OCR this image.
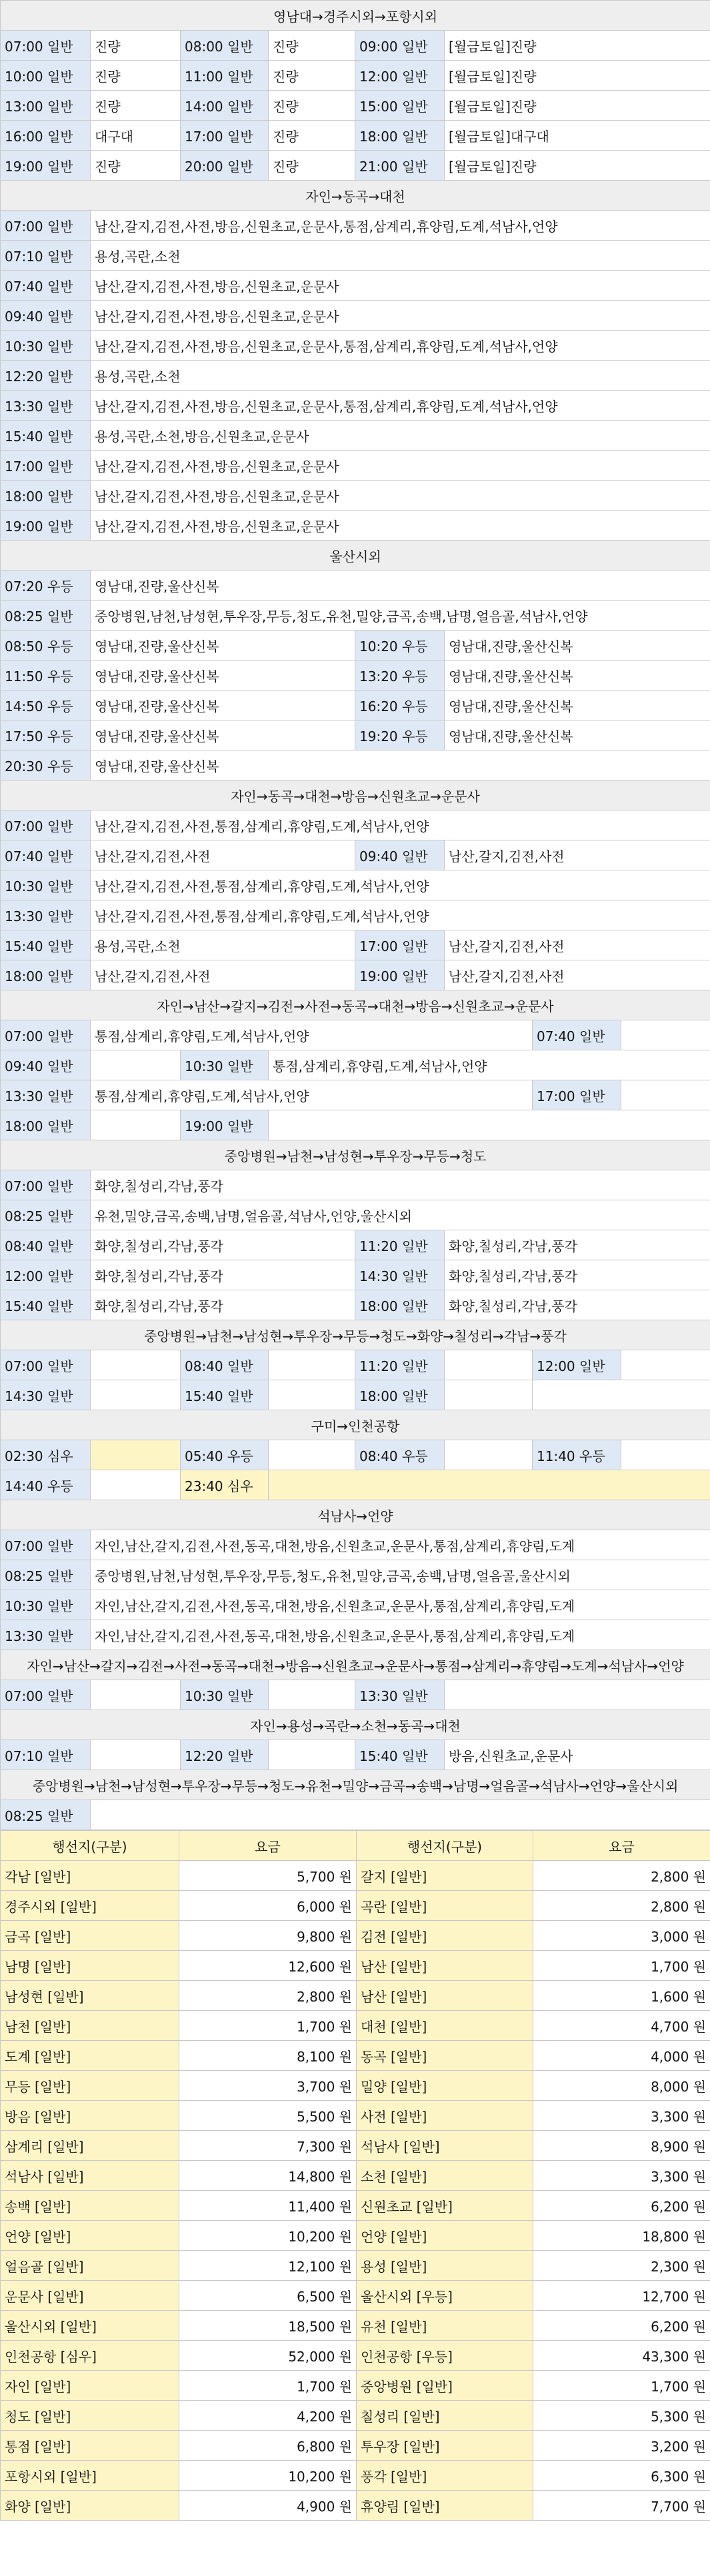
영남대→경주시외→포항시외							
07:00 일반	진량	08:00 일반	진량	09:00 일반	[월금토일]진량		
10:00 일반	진량	11:00 일반	진량	12:00 일반	[월금토일]진량		
13:00 일반	진량	14:00 일반	진량	15:00 일반	[월금토일]진량		
16:00 일반	대구대	17:00 일반	진량	18:00 일반	[월금토일]대구대		
19:00 일반	진량	20:00 일반	진량	21:00 일반	[월금토일]진량		
자인→동곡→대천							
07:00 일반	남산,갈지,김전,사전,방음,신원초교,운문사,통점,삼계리,휴양림,도계,석남사,언양						
07:10 일반	용성,곡란,소천						
07:40 일반	남산,갈지,김전,사전,방음,신원초교,운문사						
09:40 일반	남산,갈지,김전,사전,방음,신원초교,운문사						
10:30 일반	남산,갈지,김전,사전,방음,신원초교,운문사,통점,삼계리,휴양림,도계,석남사,언양						
12:20 일반	용성,곡란,소천						
13:30 일반	남산,갈지,김전,사전,방음,신원초교,운문사,통점,삼계리,휴양림,도계,석남사,언양						
15:40 일반	용성,곡란,소천,방음,신원초교,운문사						
17:00 일반	남산,갈지,김전,사전,방음,신원초교,운문사						
18:00 일반	남산,갈지,김전,사전,방음,신원초교,운문사						
19:00 일반	남산,갈지,김전,사전,방음,신원초교,운문사						
울산시외							
07:20 우등	영남대,진량,울산신복						
08:25 일반	중앙병원,남천,남성현,투우장,무등,청도,유천,밀양,금곡,송백,남명,얼음골,석남사,언양						
08:50 우등	영남대,진량,울산신복			10:20 우등	영남대,진량,울산신복		
11:50 우등	영남대,진량,울산신복			13:20 우등	영남대,진량,울산신복		
14:50 우등	영남대,진량,울산신복			16:20 우등	영남대,진량,울산신복		
17:50 우등	영남대,진량,울산신복			19:20 우등	영남대,진량,울산신복		
20:30 우등	영남대,진량,울산신복						
자인→동곡→대천→방음→신원초교→운문사							
07:00 일반	남산,갈지,김전,사전,통점,삼계리,휴양림,도계,석남사,언양						
07:40 일반	남산,갈지,김전,사전			09:40 일반	남산,갈지,김전,사전		
10:30 일반	남산,갈지,김전,사전,통점,삼계리,휴양림,도계,석남사,언양						
13:30 일반	남산,갈지,김전,사전,통점,삼계리,휴양림,도계,석남사,언양						
15:40 일반	용성,곡란,소천			17:00 일반	남산,갈지,김전,사전		
18:00 일반	남산,갈지,김전,사전			19:00 일반	남산,갈지,김전,사전		
자인→남산→갈지→김전→사전→동곡→대천→방음→신원초교→운문사							
07:00 일반	통점,삼계리,휴양림,도계,석남사,언양					07:40 일반	
09:40 일반		10:30 일반	통점,삼계리,휴양림,도계,석남사,언양				
13:30 일반	통점,삼계리,휴양림,도계,석남사,언양					17:00 일반	
18:00 일반		19:00 일반					
중앙병원→남천→남성현→투우장→무등→청도							
07:00 일반	화양,칠성리,각남,풍각						
08:25 일반	유천,밀양,금곡,송백,남명,얼음골,석남사,언양,울산시외						
08:40 일반	화양,칠성리,각남,풍각			11:20 일반	화양,칠성리,각남,풍각		
12:00 일반	화양,칠성리,각남,풍각			14:30 일반	화양,칠성리,각남,풍각		
15:40 일반	화양,칠성리,각남,풍각			18:00 일반	화양,칠성리,각남,풍각		
중앙병원→남천→남성현→투우장→무등→청도→화양→칠성리→각남→풍각							
07:00 일반		08:40 일반		11:20 일반		12:00 일반	
14:30 일반		15:40 일반		18:00 일반			
구미→인천공항							
02:30 심우		05:40 우등		08:40 우등		11:40 우등	
14:40 우등		23:40 심우					
석남사→언양							
07:00 일반	자인,남산,갈지,김전,사전,동곡,대천,방음,신원초교,운문사,통점,삼계리,휴양림,도계						
08:25 일반	중앙병원,남천,남성현,투우장,무등,청도,유천,밀양,금곡,송백,남명,얼음골,울산시외						
10:30 일반	자인,남산,갈지,김전,사전,동곡,대천,방음,신원초교,운문사,통점,삼계리,휴양림,도계						
13:30 일반	자인,남산,갈지,김전,사전,동곡,대천,방음,신원초교,운문사,통점,삼계리,휴양림,도계						
자인→남산→갈지→김전→사전→동곡→대천→방음→신원초교→운문사→통점→삼계리→휴양림→도계→석남사→언양							
07:00 일반		10:30 일반		13:30 일반			
자인→용성→곡란→소천→동곡→대천							
07:10 일반		12:20 일반		15:40 일반	방음,신원초교,운문사		
중앙병원→남천→남성현→투우장→무등→청도→유천→밀양→금곡→송백→남명→얼음골→석남사→언양→울산시외							
08:25 일반							
행선지(구분)	요금	행선지(구분)	요금
각남 [일반]	5,700 원	갈지 [일반]	2,800 원
경주시외 [일반]	6,000 원	곡란 [일반]	2,800 원
금곡 [일반]	9,800 원	김전 [일반]	3,000 원
남명 [일반]	12,600 원	남산 [일반]	1,700 원
남성현 [일반]	2,800 원	남산 [일반]	1,600 원
남천 [일반]	1,700 원	대천 [일반]	4,700 원
도계 [일반]	8,100 원	동곡 [일반]	4,000 원
무등 [일반]	3,700 원	밀양 [일반]	8,000 원
방음 [일반]	5,500 원	사전 [일반]	3,300 원
삼계리 [일반]	7,300 원	석남사 [일반]	8,900 원
석남사 [일반]	14,800 원	소천 [일반]	3,300 원
송백 [일반]	11,400 원	신원초교 [일반]	6,200 원
언양 [일반]	10,200 원	언양 [일반]	18,800 원
얼음골 [일반]	12,100 원	용성 [일반]	2,300 원
운문사 [일반]	6,500 원	울산시외 [우등]	12,700 원
울산시외 [일반]	18,500 원	유천 [일반]	6,200 원
인천공항 [심우]	52,000 원	인천공항 [우등]	43,300 원
자인 [일반]	1,700 원	중앙병원 [일반]	1,700 원
청도 [일반]	4,200 원	칠성리 [일반]	5,300 원
통점 [일반]	6,800 원	투우장 [일반]	3,200 원
포항시외 [일반]	10,200 원	풍각 [일반]	6,300 원
화양 [일반]	4,900 원	휴양림 [일반]	7,700 원
